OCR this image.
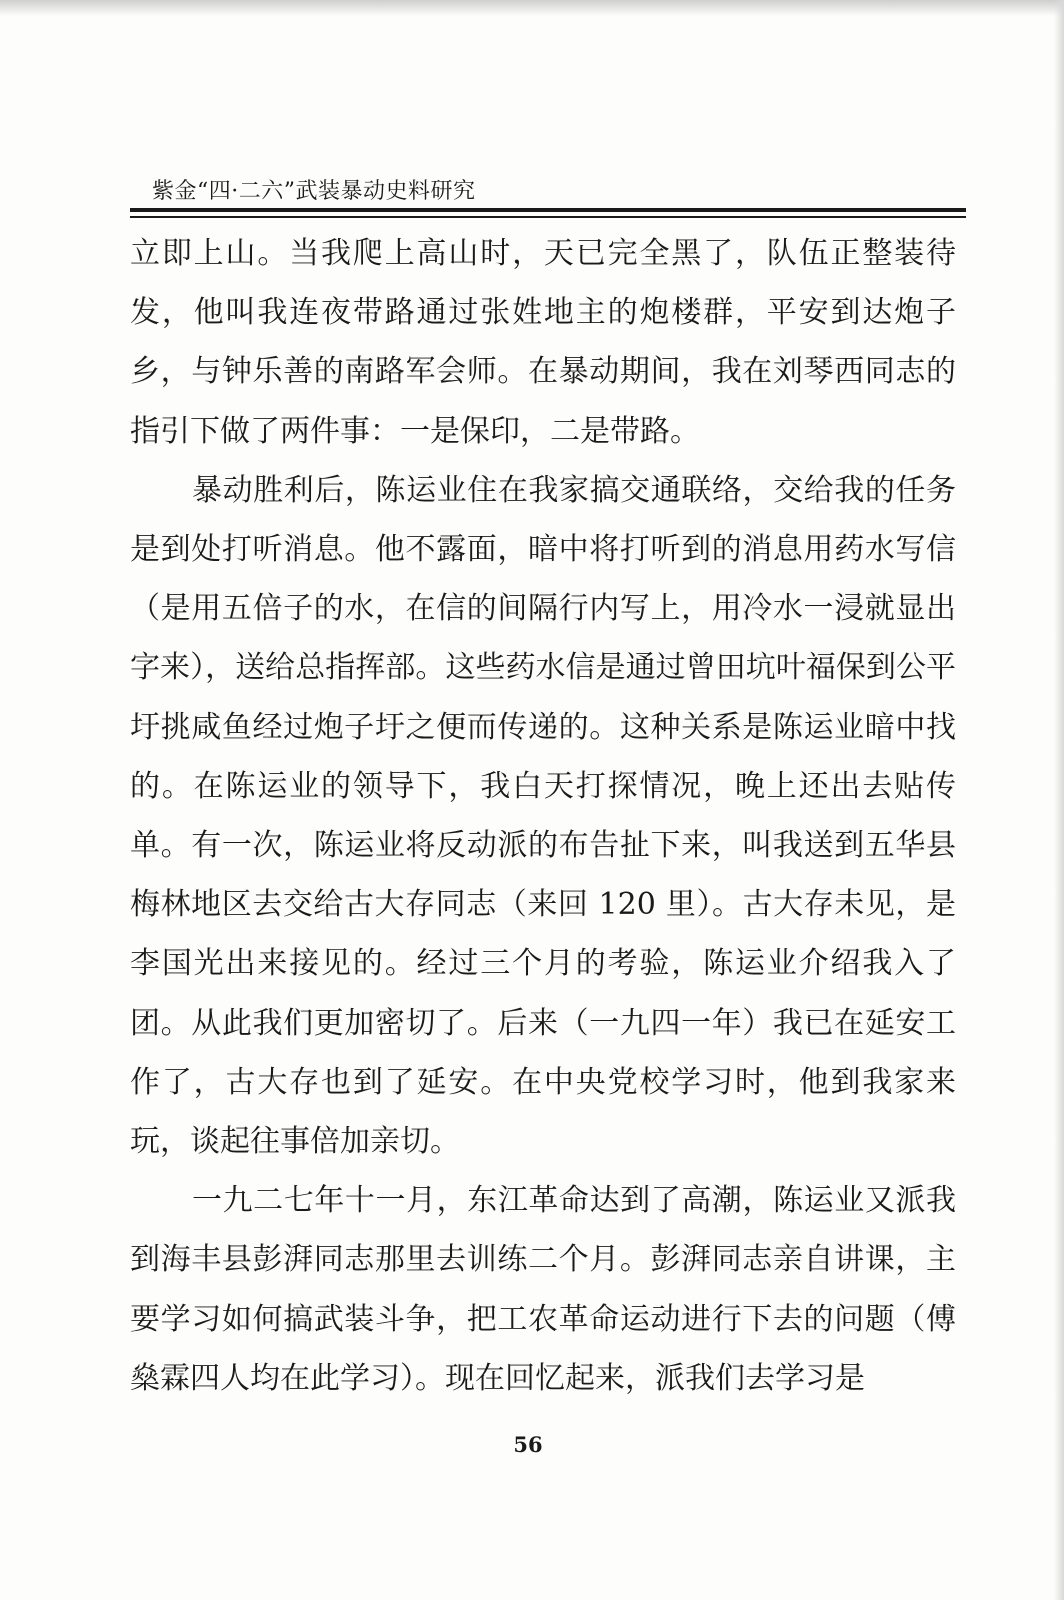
紫金“四·二六”武装暴动史料研究

立即上山。当我爬上高山时，天已完全黑了，队伍正整装待发，他叫我连夜带路通过张姓地主的炮楼群，平安到达炮子乡，与钟乐善的南路军会师。在暴动期间，我在刘琴西同志的指引下做了两件事：一是保印，二是带路。

暴动胜利后，陈运业住在我家搞交通联络，交给我的任务是到处打听消息。他不露面，暗中将打听到的消息用药水写信（是用五倍子的水，在信的间隔行内写上，用冷水一浸就显出字来），送给总指挥部。这些药水信是通过曾田坑叶福保到公平圩挑咸鱼经过炮子圩之便而传递的。这种关系是陈运业暗中找的。在陈运业的领导下，我白天打探情况，晚上还出去贴传单。有一次，陈运业将反动派的布告扯下来，叫我送到五华县梅林地区去交给古大存同志（来回 120 里）。古大存未见，是李国光出来接见的。经过三个月的考验，陈运业介绍我入了团。从此我们更加密切了。后来（一九四一年）我已在延安工作了，古大存也到了延安。在中央党校学习时，他到我家来玩，谈起往事倍加亲切。

一九二七年十一月，东江革命达到了高潮，陈运业又派我到海丰县彭湃同志那里去训练二个月。彭湃同志亲自讲课，主要学习如何搞武装斗争，把工农革命运动进行下去的问题（傅燊霖四人均在此学习）。现在回忆起来，派我们去学习是

56
